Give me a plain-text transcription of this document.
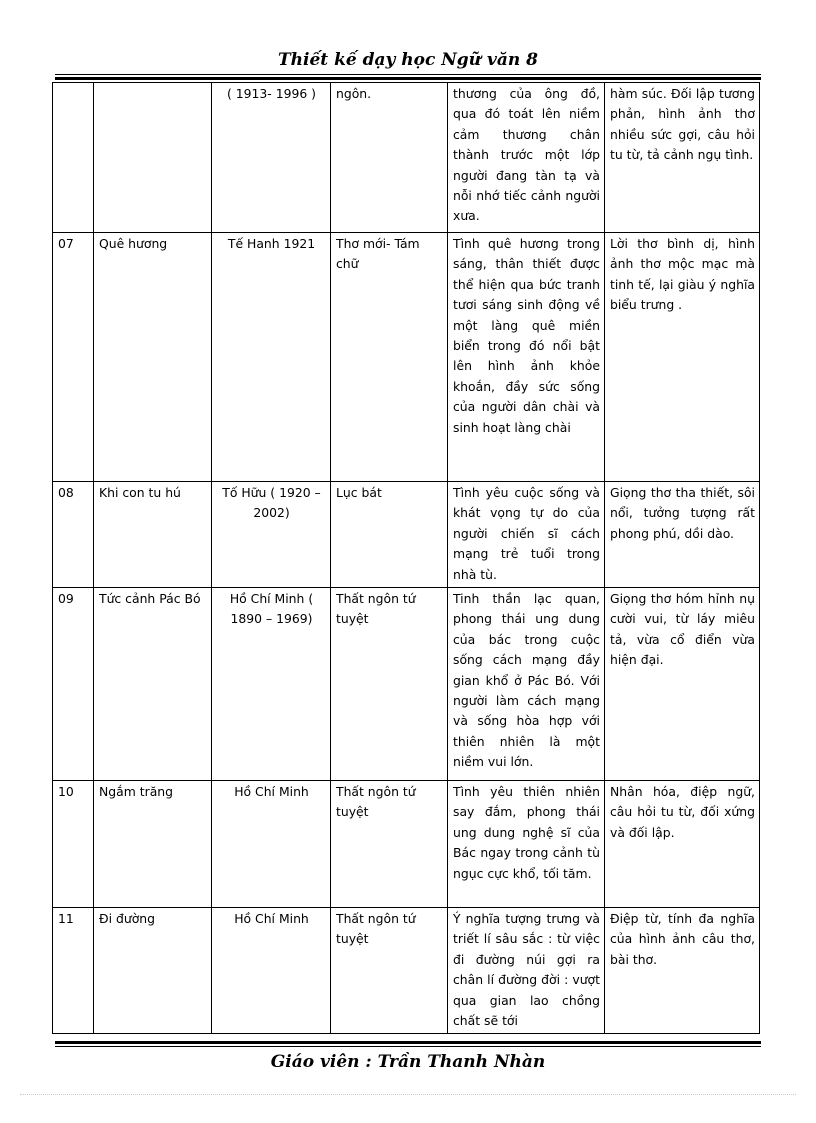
Thiết kế dạy học Ngữ văn 8
		( 1913- 1996 )	ngôn.	thương của ông đồ, qua đó toát lên niềm cảm thương chân thành trước một lớp người đang tàn tạ và nỗi nhớ tiếc cảnh người xưa.	hàm súc. Đối lập tương phản, hình ảnh thơ nhiều sức gợi, câu hỏi tu từ, tả cảnh ngụ tình.
07	Quê hương	Tế Hanh 1921	Thơ mới- Tám chữ	Tình quê hương trong sáng, thân thiết được thể hiện qua bức tranh tươi sáng sinh động về một làng quê miền biển trong đó nổi bật lên hình ảnh khỏe khoắn, đầy sức sống của người dân chài và sinh hoạt làng chài	Lời thơ bình dị, hình ảnh thơ mộc mạc mà tinh tế, lại giàu ý nghĩa biểu trưng .
08	Khi con tu hú	Tố Hữu ( 1920 – 2002)	Lục bát	Tình yêu cuộc sống và khát vọng tự do của người chiến sĩ cách mạng trẻ tuổi trong nhà tù.	Giọng thơ tha thiết, sôi nổi, tưởng tượng rất phong phú, dồi dào.
09	Tức cảnh Pác Bó	Hồ Chí Minh ( 1890 – 1969)	Thất ngôn tứ tuyệt	Tinh thần lạc quan, phong thái ung dung của bác trong cuộc sống cách mạng đầy gian khổ ở Pác Bó. Với người làm cách mạng và sống hòa hợp với thiên nhiên là một niềm vui lớn.	Giọng thơ hóm hỉnh nụ cười vui, từ láy miêu tả, vừa cổ điển vừa hiện đại.
10	Ngắm trăng	Hồ Chí Minh	Thất ngôn tứ tuyệt	Tình yêu thiên nhiên say đắm, phong thái ung dung nghệ sĩ của Bác ngay trong cảnh tù ngục cực khổ, tối tăm.	Nhân hóa, điệp ngữ, câu hỏi tu từ, đối xứng và đối lập.
11	Đi đường	Hồ Chí Minh	Thất ngôn tứ tuyệt	Ý nghĩa tượng trưng và triết lí sâu sắc : từ việc đi đường núi gợi ra chân lí đường đời : vượt qua gian lao chồng chất sẽ tới	Điệp từ, tính đa nghĩa của hình ảnh câu thơ, bài thơ.
Giáo viên : Trần Thanh Nhàn
